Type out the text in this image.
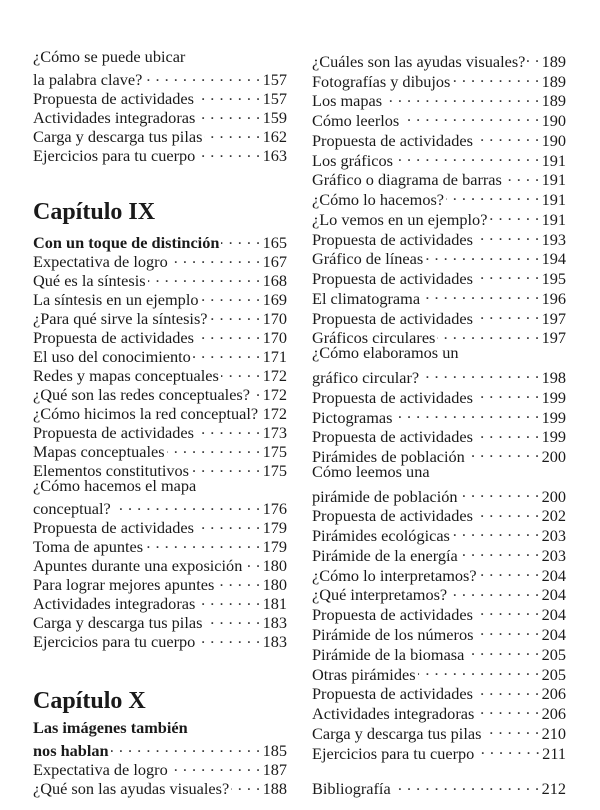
¿Cómo se puede ubicar
la palabra clave? . . .	157
Propuesta de actividades . . .	157
Actividades integradoras . . .	159
Carga y descarga tus pilas . . .	162
Ejercicios para tu cuerpo . . .	163
Capítulo IX
Con un toque de distinción . . .	165
Expectativa de logro . . .	167
Qué es la síntesis . . .	168
La síntesis en un ejemplo . . .	169
¿Para qué sirve la síntesis? . . .	170
Propuesta de actividades . . .	170
El uso del conocimiento . . .	171
Redes y mapas conceptuales . . .	172
¿Qué son las redes conceptuales? . . . 172
¿Cómo hicimos la red conceptual? . . . 172
Propuesta de actividades . . .	173
Mapas conceptuales . . .	175
Elementos constitutivos . . .	175
¿Cómo hacemos el mapa
conceptual? . . .	176
Propuesta de actividades . . .	179
Toma de apuntes . . .	179
Apuntes durante una exposición . . . 180
Para lograr mejores apuntes . . .	180
Actividades integradoras . . .	181
Carga y descarga tus pilas . . .	183
Ejercicios para tu cuerpo . . .	183
Capítulo X
Las imágenes también
nos hablan . . .	185
Expectativa de logro . . .	187
¿Qué son las ayudas visuales? . . . 188
¿Cuáles son las ayudas visuales? . . . 189
Fotografías y dibujos . . .	189
Los mapas . . .	189
Cómo leerlos . . .	190
Propuesta de actividades . . .	190
Los gráficos . . .	191
Gráfico o diagrama de barras . . . 191
¿Cómo lo hacemos? . . .	191
¿Lo vemos en un ejemplo? . . .	191
Propuesta de actividades . . .	193
Gráfico de líneas . . .	194
Propuesta de actividades . . .	195
El climatograma . . .	196
Propuesta de actividades . . .	197
Gráficos circulares . . .	197
¿Cómo elaboramos un
gráfico circular? . . .	198
Propuesta de actividades . . .	199
Pictogramas . . .	199
Propuesta de actividades . . .	199
Pirámides de población . . .	200
Cómo leemos una
pirámide de población . . .	200
Propuesta de actividades . . .	202
Pirámides ecológicas . . .	203
Pirámide de la energía . . .	203
¿Cómo lo interpretamos? . . .	204
¿Qué interpretamos? . . .	204
Propuesta de actividades . . .	204
Pirámide de los números . . .	204
Pirámide de la biomasa . . .	205
Otras pirámides . . .	205
Propuesta de actividades . . .	206
Actividades integradoras . . .	206
Carga y descarga tus pilas . . .	210
Ejercicios para tu cuerpo . . .	211
Bibliografía . . .	212
